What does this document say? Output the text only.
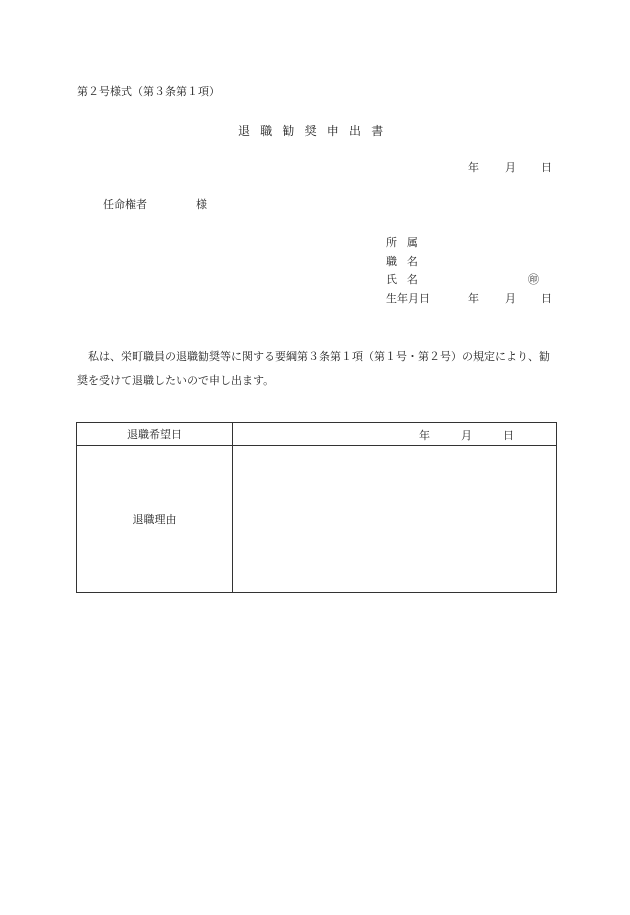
第２号様式（第３条第１項）
退職勧奨申出書
年 月 日
任命権者	様
所属
職名
氏名	㊞
生年月日	年 月 日
私は、栄町職員の退職勧奨等に関する要綱第３条第１項（第１号・第２号）の規定により、勧奨を受けて退職したいので申し出ます。
退職希望日	年 月 日

退職理由	
